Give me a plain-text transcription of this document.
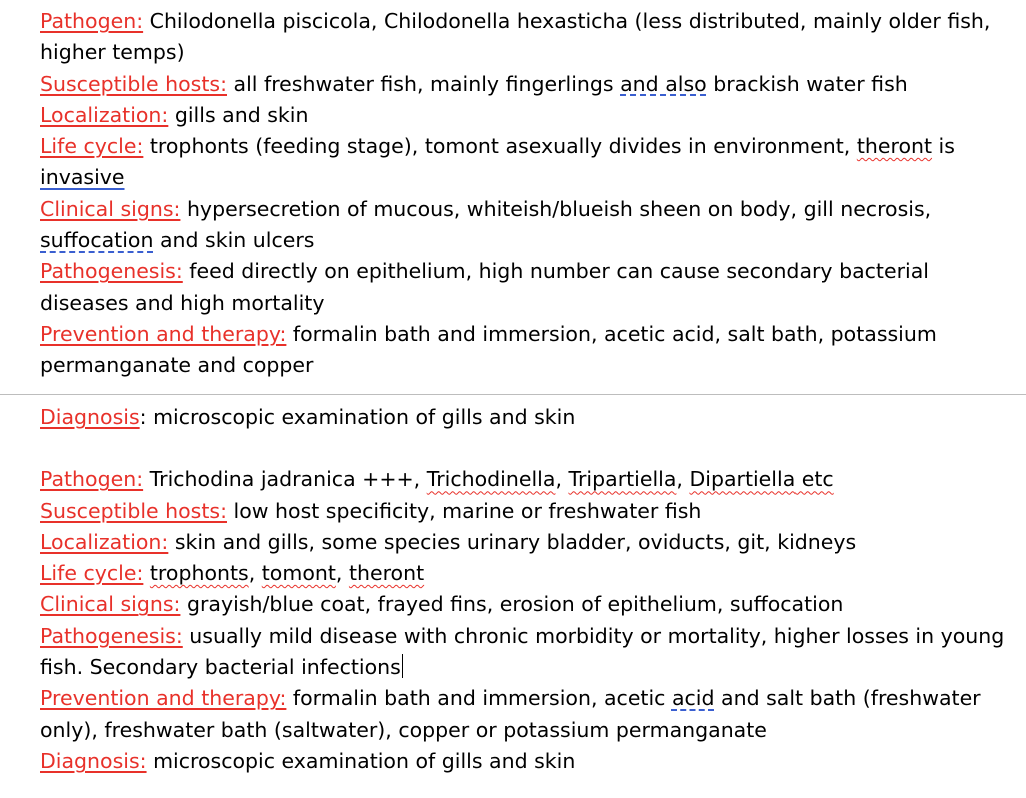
Pathogen: Chilodonella piscicola, Chilodonella hexasticha (less distributed, mainly older fish, higher temps)

Susceptible hosts: all freshwater fish, mainly fingerlings and also brackish water fish

Localization: gills and skin

Life cycle: trophonts (feeding stage), tomont asexually divides in environment, theront is invasive

Clinical signs: hypersecretion of mucous, whiteish/blueish sheen on body, gill necrosis, suffocation and skin ulcers

Pathogenesis: feed directly on epithelium, high number can cause secondary bacterial diseases and high mortality

Prevention and therapy: formalin bath and immersion, acetic acid, salt bath, potassium permanganate and copper

Diagnosis: microscopic examination of gills and skin

Pathogen: Trichodina jadranica +++, Trichodinella, Tripartiella, Dipartiella etc

Susceptible hosts: low host specificity, marine or freshwater fish

Localization: skin and gills, some species urinary bladder, oviducts, git, kidneys

Life cycle: trophonts, tomont, theront

Clinical signs: grayish/blue coat, frayed fins, erosion of epithelium, suffocation

Pathogenesis: usually mild disease with chronic morbidity or mortality, higher losses in young fish. Secondary bacterial infections

Prevention and therapy: formalin bath and immersion, acetic acid and salt bath (freshwater only), freshwater bath (saltwater), copper or potassium permanganate

Diagnosis: microscopic examination of gills and skin
